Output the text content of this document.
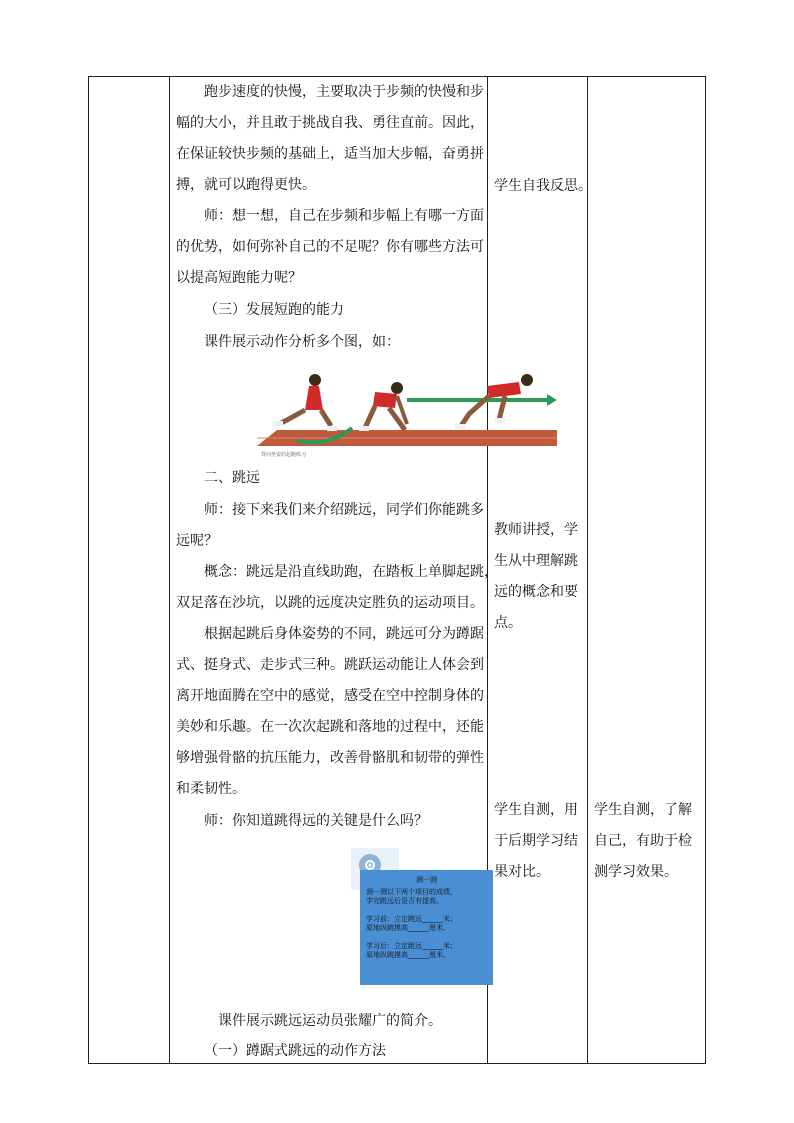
跑步速度的快慢，主要取决于步频的快慢和步
幅的大小，并且敢于挑战自我、勇往直前。因此，
在保证较快步频的基础上，适当加大步幅，奋勇拼
搏，就可以跑得更快。
师：想一想，自己在步频和步幅上有哪一方面
的优势，如何弥补自己的不足呢？你有哪些方法可
以提高短跑能力呢？
（三）发展短跑的能力
课件展示动作分析多个图，如：
背向坐姿的起跑练习
二、跳远
师：接下来我们来介绍跳远，同学们你能跳多
远呢？
概念：跳远是沿直线助跑，在踏板上单脚起跳，
双足落在沙坑，以跳的远度决定胜负的运动项目。
根据起跳后身体姿势的不同，跳远可分为蹲踞
式、挺身式、走步式三种。跳跃运动能让人体会到
离开地面腾在空中的感觉，感受在空中控制身体的
美妙和乐趣。在一次次起跳和落地的过程中，还能
够增强骨骼的抗压能力，改善骨骼肌和韧带的弹性
和柔韧性。
师：你知道跳得远的关键是什么吗？
测一测
测一测以下两个项目的成绩，
学完跳远后是否有提高。
学习前：立定跳远______米；
原地纵跳摸高______厘米。
学习后：立定跳远______米；
原地纵跳摸高______厘米。
课件展示跳远运动员张耀广的简介。
（一）蹲踞式跳远的动作方法
学生自我反思。
教师讲授，学
生从中理解跳
远的概念和要
点。
学生自测，用
于后期学习结
果对比。
学生自测，了解
自己，有助于检
测学习效果。
